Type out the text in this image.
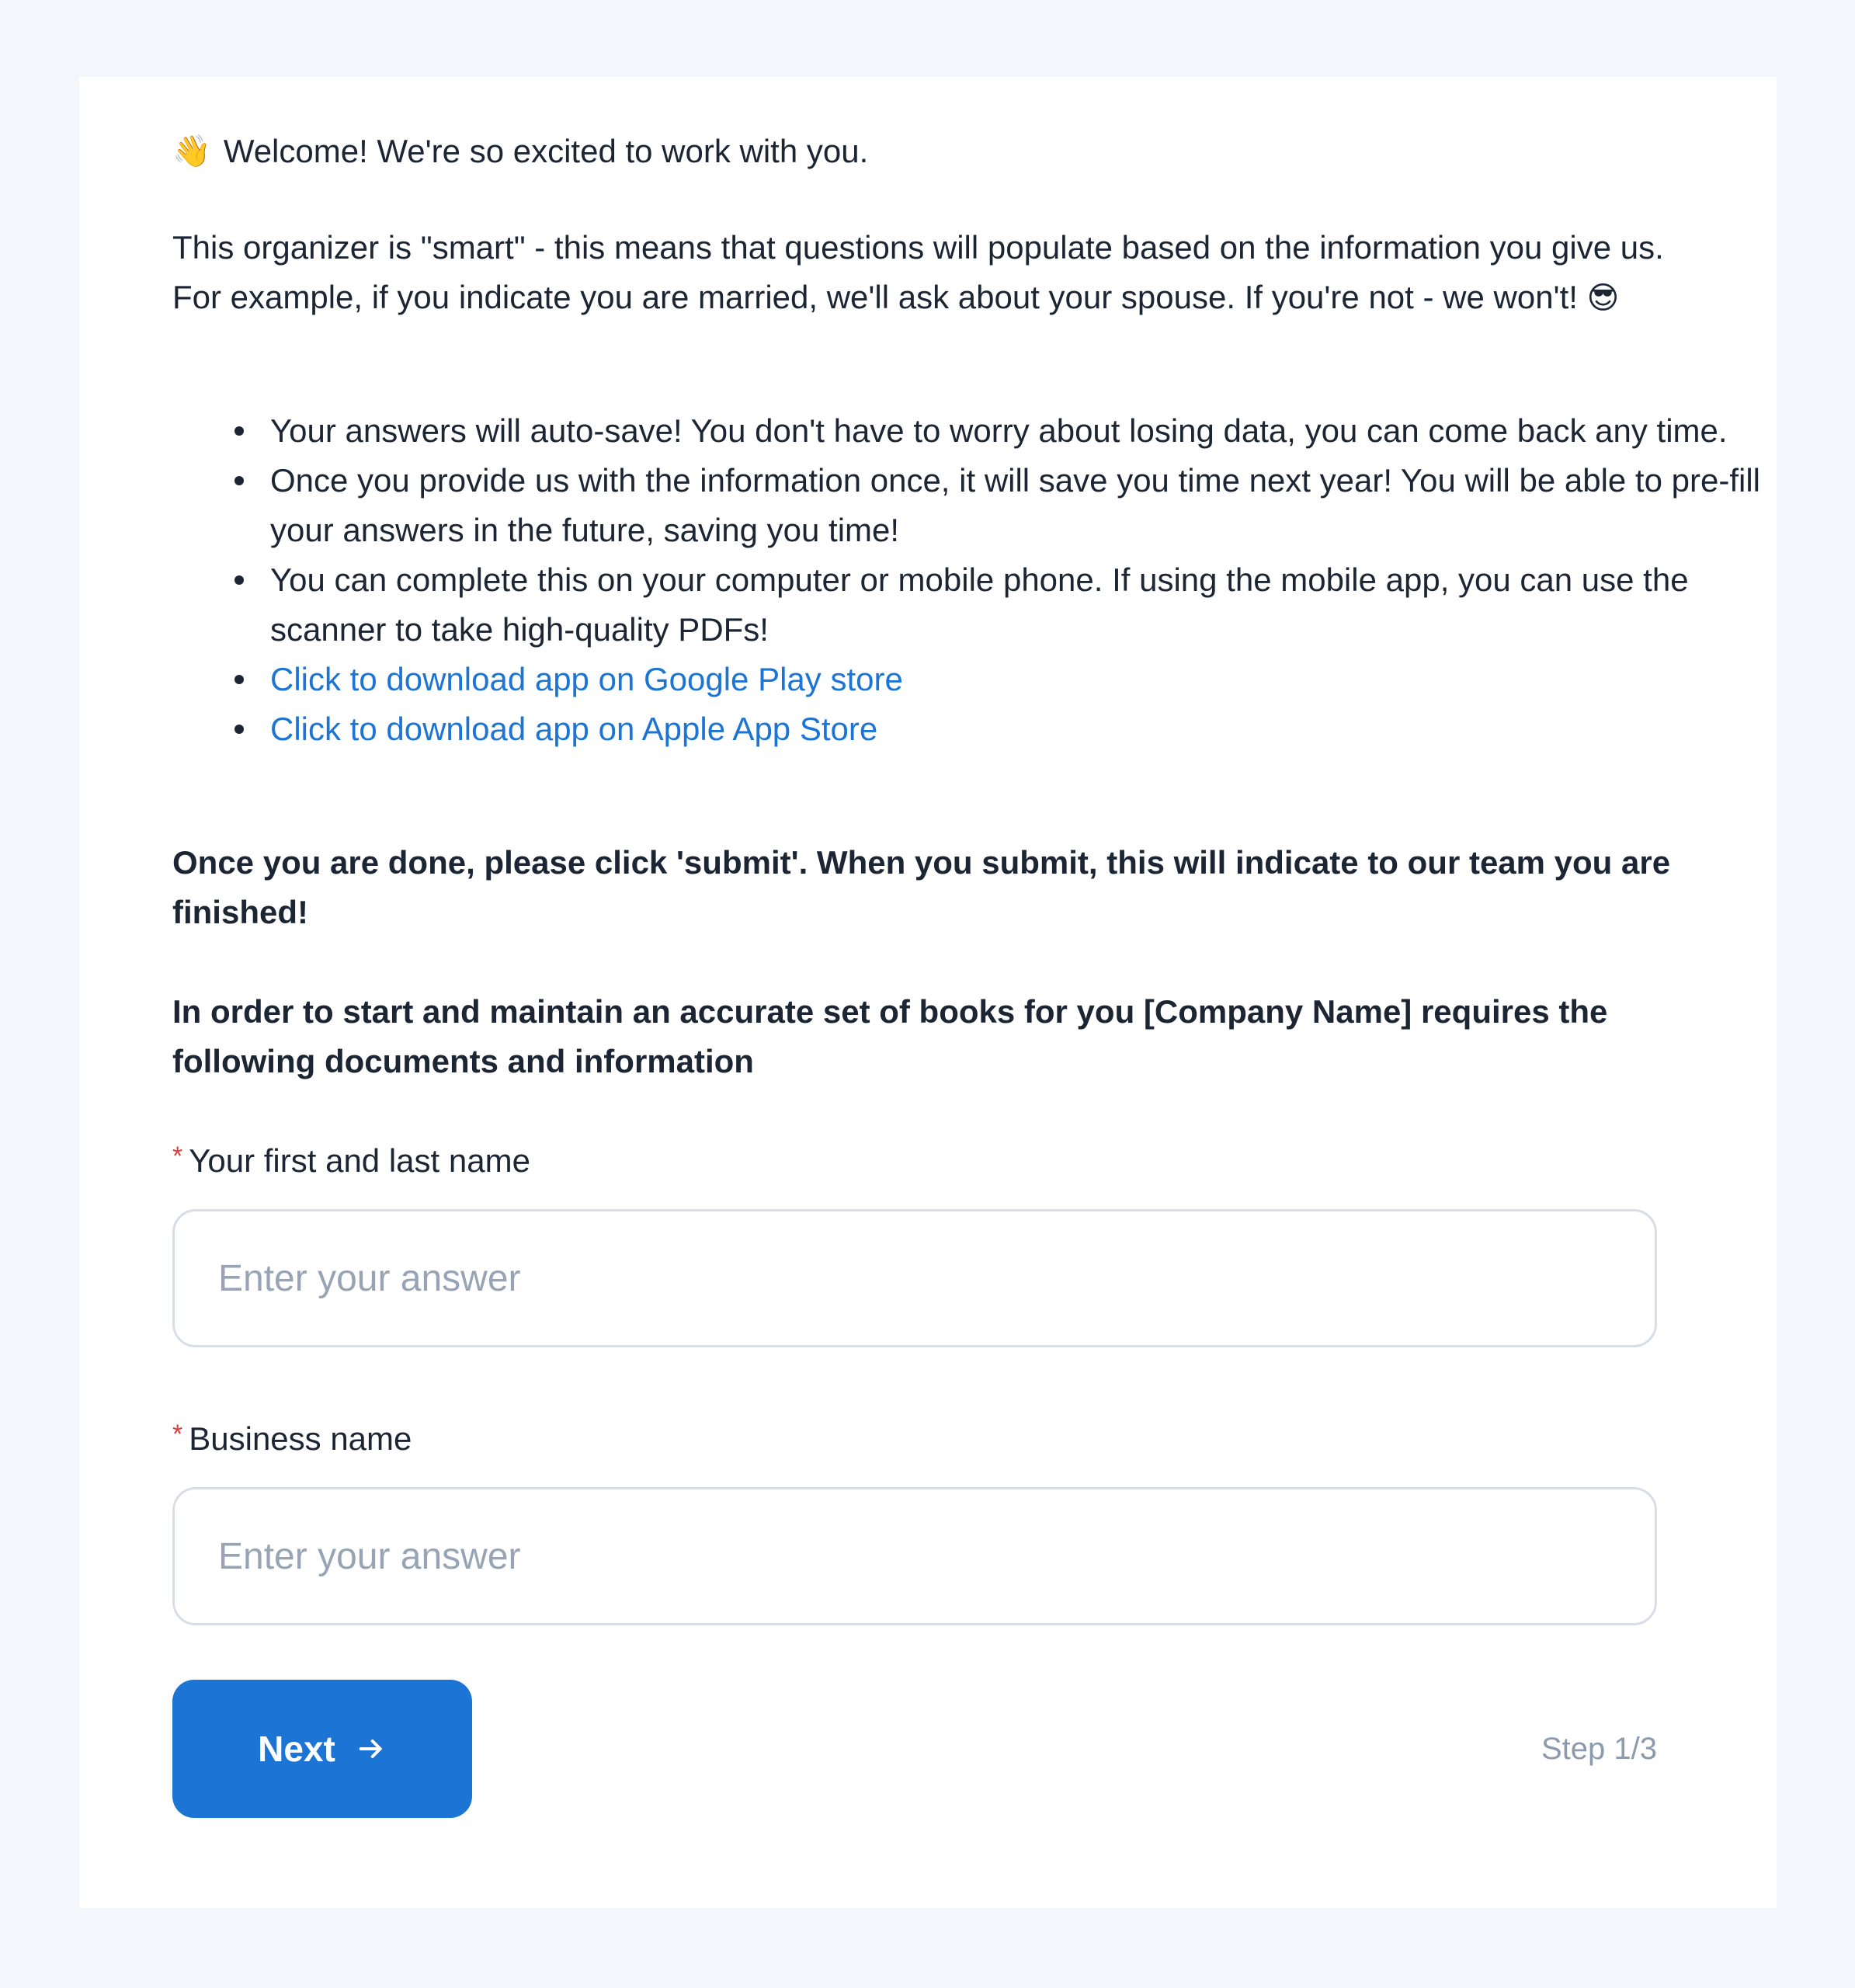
👋 Welcome! We're so excited to work with you.

This organizer is "smart" - this means that questions will populate based on the information you give us. For example, if you indicate you are married, we'll ask about your spouse. If you're not - we won't! 😎

Your answers will auto-save! You don't have to worry about losing data, you can come back any time.
Once you provide us with the information once, it will save you time next year! You will be able to pre-fill your answers in the future, saving you time!
You can complete this on your computer or mobile phone. If using the mobile app, you can use the scanner to take high-quality PDFs!
Click to download app on Google Play store
Click to download app on Apple App Store

Once you are done, please click 'submit'. When you submit, this will indicate to our team you are finished!

In order to start and maintain an accurate set of books for you [Company Name] requires the following documents and information

* Your first and last name
Enter your answer
* Business name
Enter your answer
Next	Step 1/3
